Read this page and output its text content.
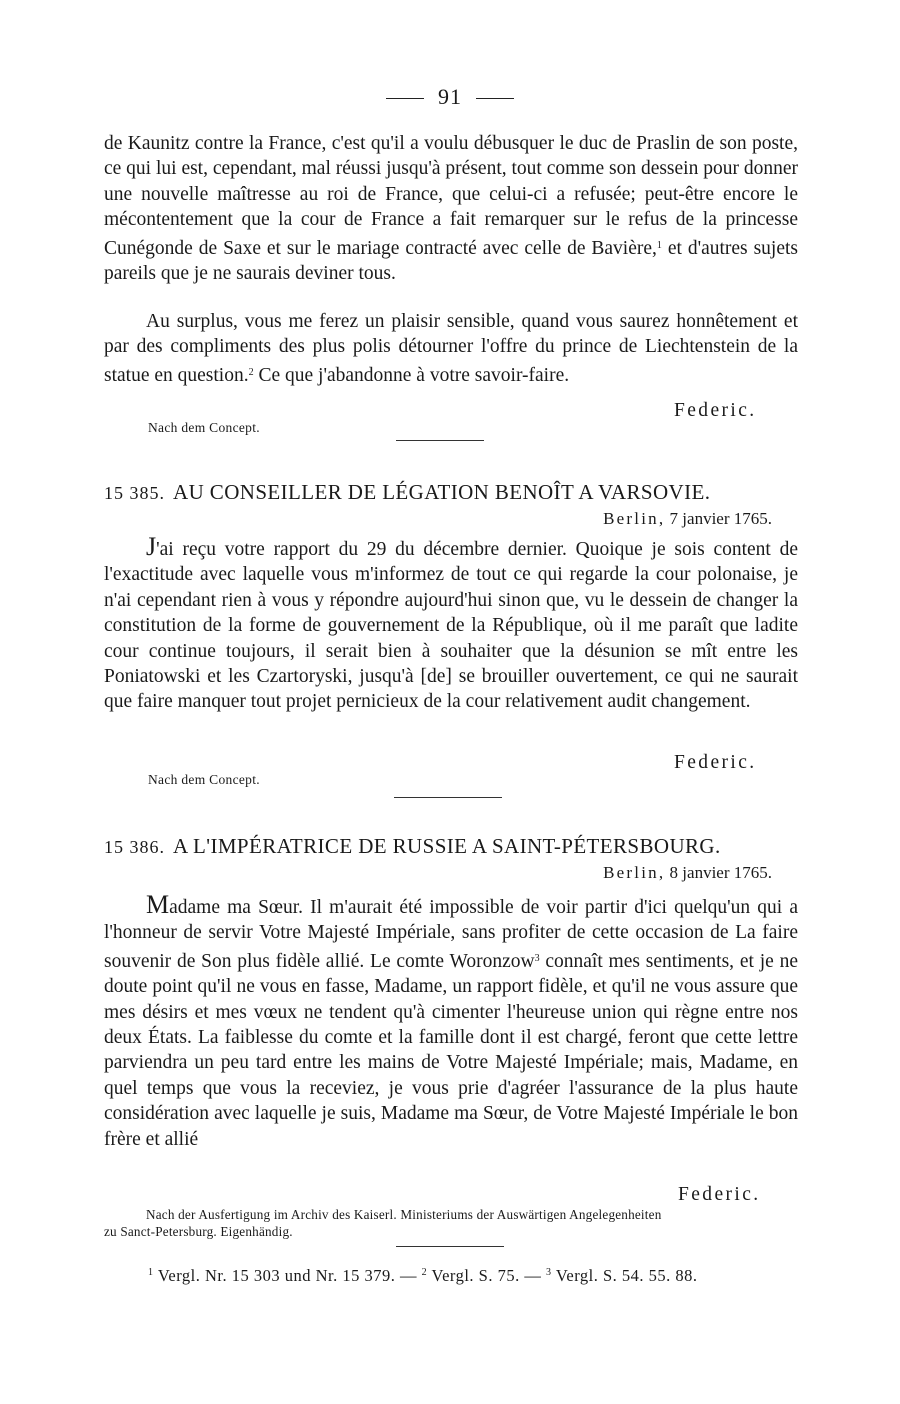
91

de Kaunitz contre la France, c'est qu'il a voulu débusquer le duc de Praslin de son poste, ce qui lui est, cependant, mal réussi jusqu'à présent, tout comme son dessein pour donner une nouvelle maîtresse au roi de France, que celui-ci a refusée; peut-être encore le mécontentement que la cour de France a fait remarquer sur le refus de la princesse Cunégonde de Saxe et sur le mariage contracté avec celle de Bavière,$^1$ et d'autres sujets pareils que je ne saurais deviner tous.

Au surplus, vous me ferez un plaisir sensible, quand vous saurez honnêtement et par des compliments des plus polis détourner l'offre du prince de Liechtenstein de la statue en question.$^2$ Ce que j'abandonne à votre savoir-faire.

Federic.
Nach dem Concept.
15 385. AU CONSEILLER DE LÉGATION BENOÎT A VARSOVIE.
Berlin, 7 janvier 1765.

J'ai reçu votre rapport du 29 du décembre dernier. Quoique je sois content de l'exactitude avec laquelle vous m'informez de tout ce qui regarde la cour polonaise, je n'ai cependant rien à vous y répondre aujourd'hui sinon que, vu le dessein de changer la constitution de la forme de gouvernement de la République, où il me paraît que ladite cour continue toujours, il serait bien à souhaiter que la désunion se mît entre les Poniatowski et les Czartoryski, jusqu'à [de] se brouiller ouvertement, ce qui ne saurait que faire manquer tout projet pernicieux de la cour relativement audit changement.

Federic.
Nach dem Concept.
15 386. A L'IMPÉRATRICE DE RUSSIE A SAINT-PÉTERSBOURG.
Berlin, 8 janvier 1765.

Madame ma Sœur. Il m'aurait été impossible de voir partir d'ici quelqu'un qui a l'honneur de servir Votre Majesté Impériale, sans profiter de cette occasion de La faire souvenir de Son plus fidèle allié. Le comte Woronzow$^3$ connaît mes sentiments, et je ne doute point qu'il ne vous en fasse, Madame, un rapport fidèle, et qu'il ne vous assure que mes désirs et mes vœux ne tendent qu'à cimenter l'heureuse union qui règne entre nos deux États. La faiblesse du comte et la famille dont il est chargé, feront que cette lettre parviendra un peu tard entre les mains de Votre Majesté Impériale; mais, Madame, en quel temps que vous la receviez, je vous prie d'agréer l'assurance de la plus haute considération avec laquelle je suis, Madame ma Sœur, de Votre Majesté Impériale le bon frère et allié

Federic.
Nach der Ausfertigung im Archiv des Kaiserl. Ministeriums der Auswärtigen Angelegenheiten
zu Sanct-Petersburg. Eigenhändig.
$^1$ Vergl. Nr. 15 303 und Nr. 15 379. — $^2$ Vergl. S. 75. — $^3$ Vergl. S. 54. 55. 88.
